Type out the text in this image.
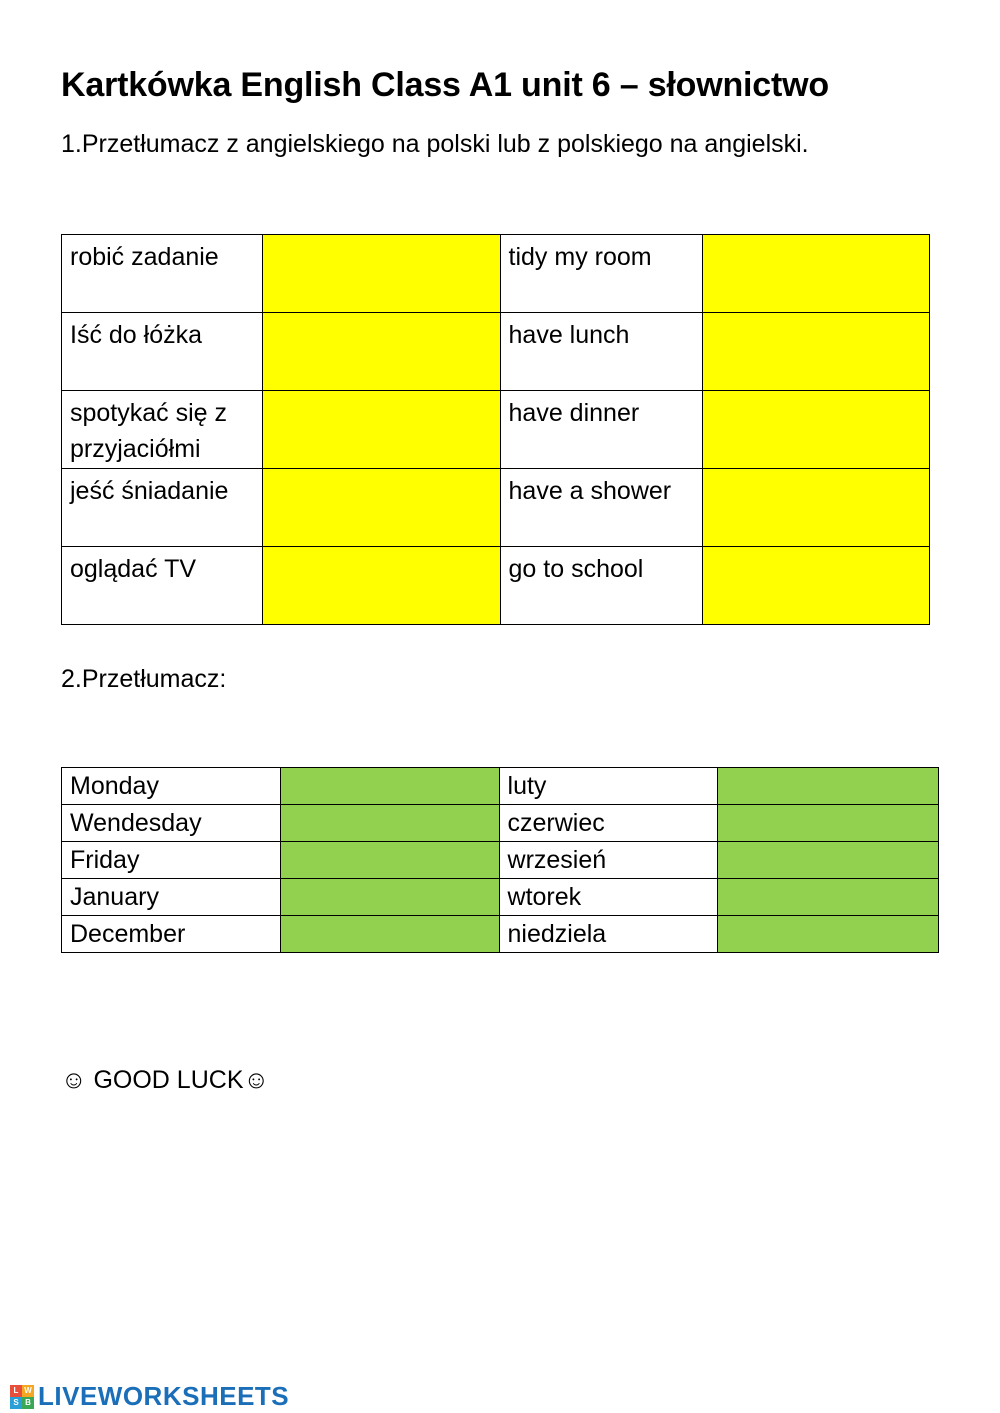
Kartkówka English Class A1 unit 6 – słownictwo
1.Przetłumacz z angielskiego na polski lub z polskiego na angielski.
robić zadanie		tidy my room	
Iść do łóżka		have lunch	
spotykać się z przyjaciółmi		have dinner	
jeść śniadanie		have a shower	
oglądać TV		go to school	
2.Przetłumacz:
Monday		luty	
Wendesday		czerwiec	
Friday		wrzesień	
January		wtorek	
December		niedziela	
☺ GOOD LUCK☺
L W
S B LIVEWORKSHEETS
